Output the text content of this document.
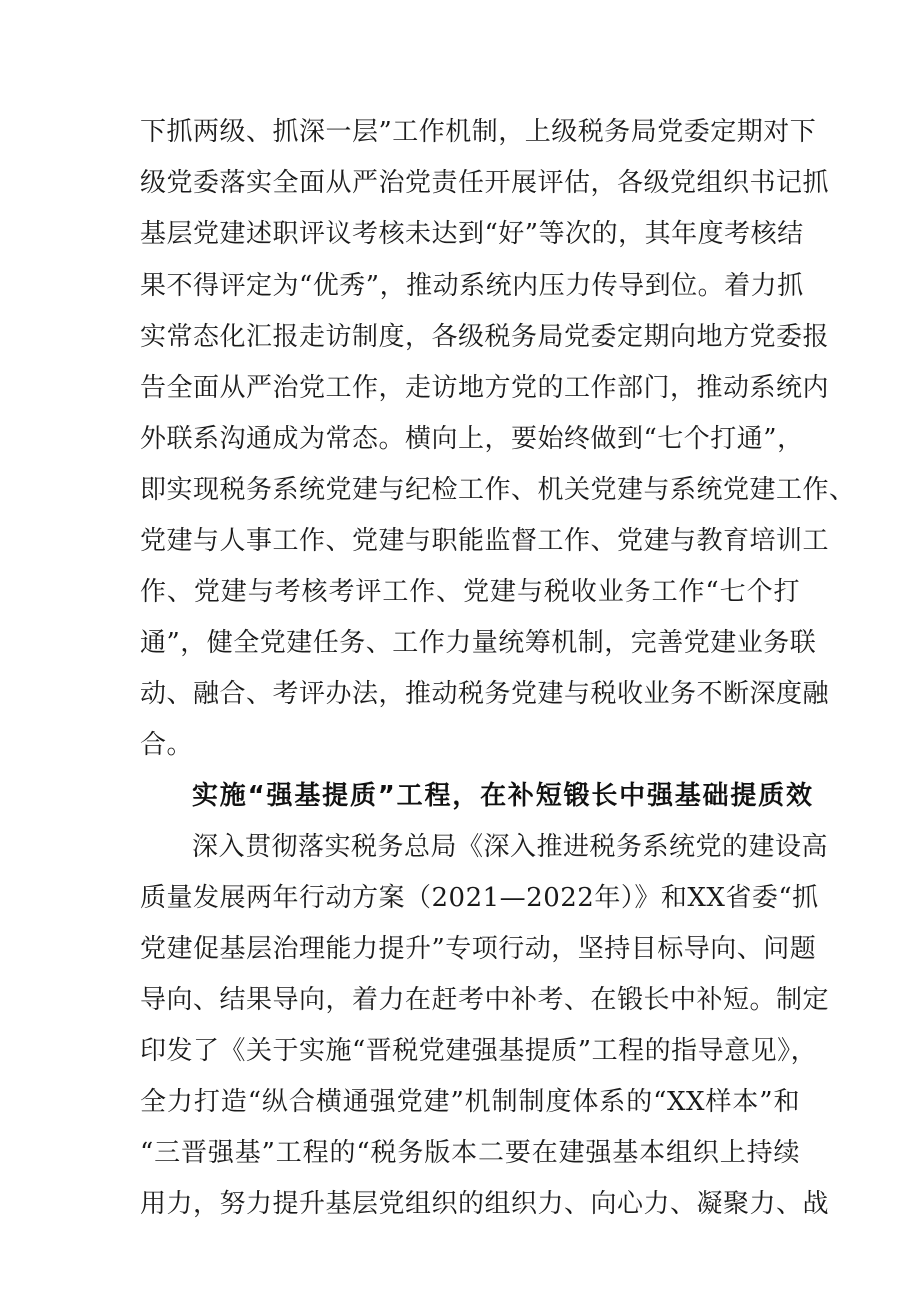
下抓两级、抓深一层”工作机制，上级税务局党委定期对下
级党委落实全面从严治党责任开展评估，各级党组织书记抓
基层党建述职评议考核未达到“好”等次的，其年度考核结
果不得评定为“优秀”，推动系统内压力传导到位。着力抓
实常态化汇报走访制度，各级税务局党委定期向地方党委报
告全面从严治党工作，走访地方党的工作部门，推动系统内
外联系沟通成为常态。横向上，要始终做到“七个打通”，
即实现税务系统党建与纪检工作、机关党建与系统党建工作、
党建与人事工作、党建与职能监督工作、党建与教育培训工
作、党建与考核考评工作、党建与税收业务工作“七个打
通”，健全党建任务、工作力量统筹机制，完善党建业务联
动、融合、考评办法，推动税务党建与税收业务不断深度融
合。
实施“强基提质”工程，在补短锻长中强基础提质效
深入贯彻落实税务总局《深入推进税务系统党的建设高
质量发展两年行动方案（2021—2022年）》和XX省委“抓
党建促基层治理能力提升”专项行动，坚持目标导向、问题
导向、结果导向，着力在赶考中补考、在锻长中补短。制定
印发了《关于实施“晋税党建强基提质”工程的指导意见》，
全力打造“纵合横通强党建”机制制度体系的“XX样本”和
“三晋强基”工程的“税务版本二要在建强基本组织上持续
用力，努力提升基层党组织的组织力、向心力、凝聚力、战
